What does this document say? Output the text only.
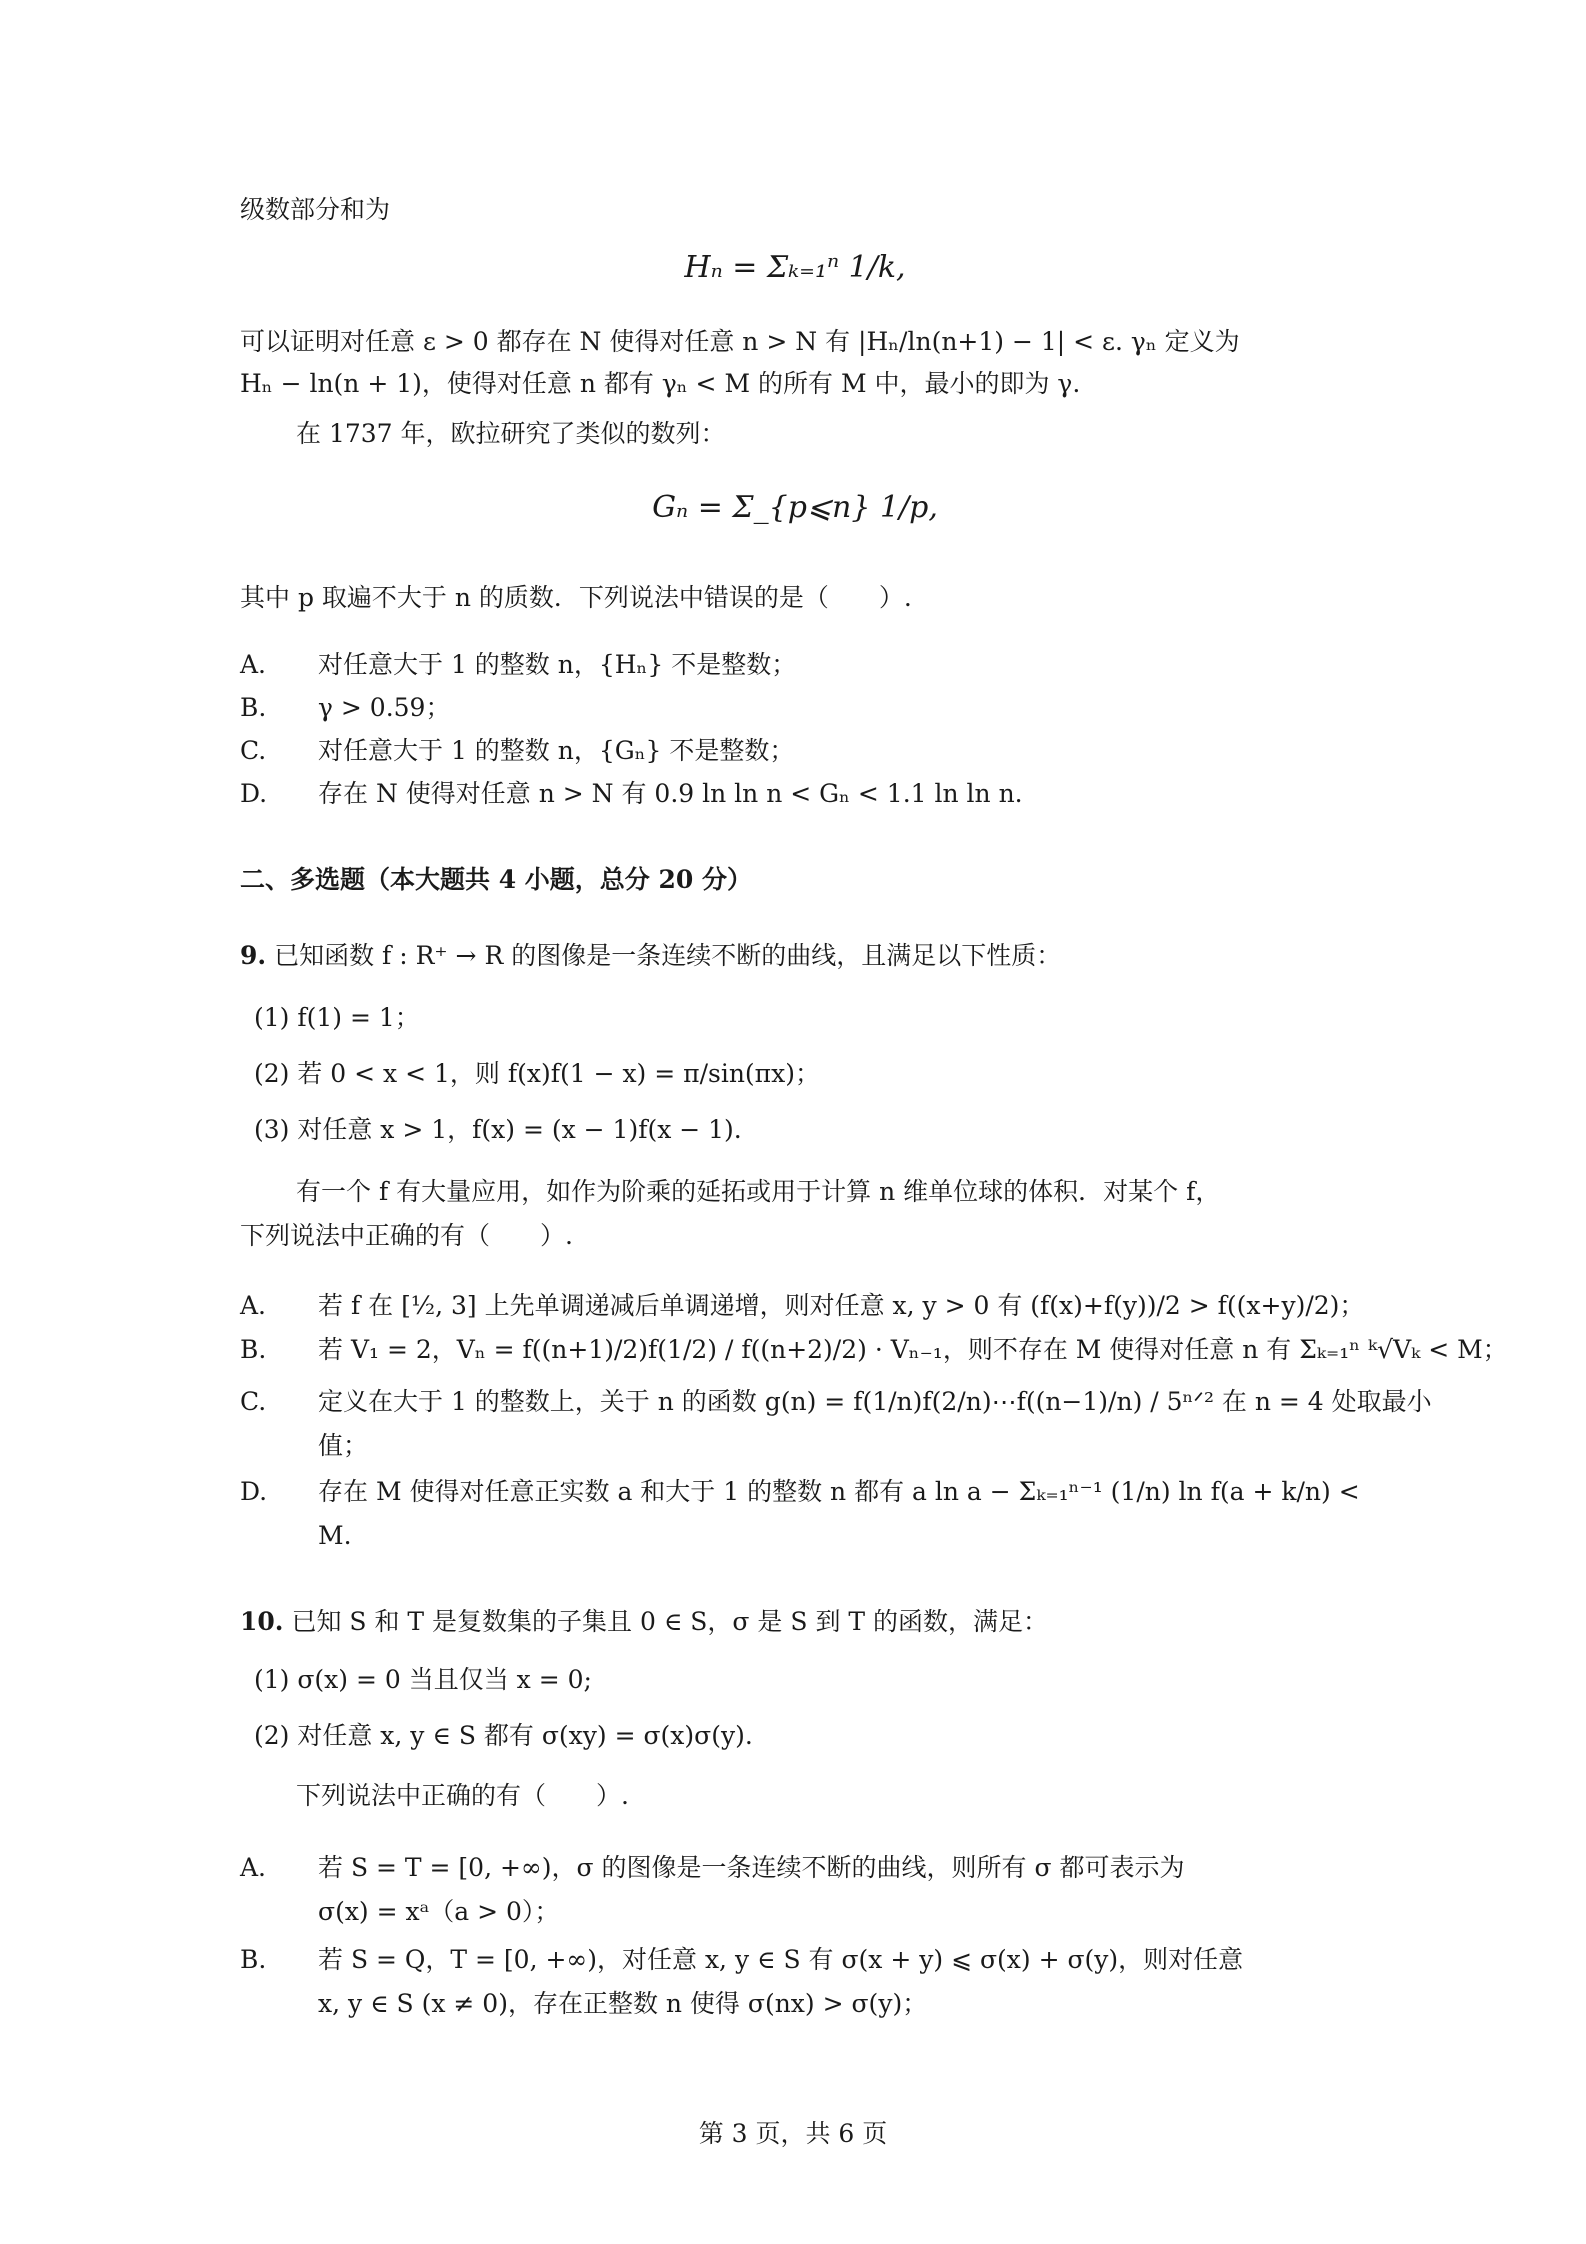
级数部分和为
Hₙ = Σₖ₌₁ⁿ 1/k,
可以证明对任意 ε > 0 都存在 N 使得对任意 n > N 有 |Hₙ/ln(n+1) − 1| < ε. γₙ 定义为
Hₙ − ln(n + 1)，使得对任意 n 都有 γₙ < M 的所有 M 中，最小的即为 γ.
在 1737 年，欧拉研究了类似的数列：
Gₙ = Σ_{p⩽n} 1/p,
其中 p 取遍不大于 n 的质数．下列说法中错误的是（　　）.
A. 对任意大于 1 的整数 n，{Hₙ} 不是整数；
B. γ > 0.59；
C. 对任意大于 1 的整数 n，{Gₙ} 不是整数；
D. 存在 N 使得对任意 n > N 有 0.9 ln ln n < Gₙ < 1.1 ln ln n.
二、多选题（本大题共 4 小题，总分 20 分）
9. 已知函数 f : R⁺ → R 的图像是一条连续不断的曲线，且满足以下性质：
(1) f(1) = 1；
(2) 若 0 < x < 1，则 f(x)f(1 − x) = π/sin(πx)；
(3) 对任意 x > 1，f(x) = (x − 1)f(x − 1).
有一个 f 有大量应用，如作为阶乘的延拓或用于计算 n 维单位球的体积．对某个 f，
下列说法中正确的有（　　）.
A. 若 f 在 [½, 3] 上先单调递减后单调递增，则对任意 x, y > 0 有 (f(x)+f(y))/2 > f((x+y)/2)；
B. 若 V₁ = 2，Vₙ = f((n+1)/2)f(1/2) / f((n+2)/2) · Vₙ₋₁，则不存在 M 使得对任意 n 有 Σₖ₌₁ⁿ ᵏ√Vₖ < M；
C. 定义在大于 1 的整数上，关于 n 的函数 g(n) = f(1/n)f(2/n)⋯f((n−1)/n) / 5ⁿᐟ² 在 n = 4 处取最小
值；
D. 存在 M 使得对任意正实数 a 和大于 1 的整数 n 都有 a ln a − Σₖ₌₁ⁿ⁻¹ (1/n) ln f(a + k/n) <
M.
10. 已知 S 和 T 是复数集的子集且 0 ∈ S，σ 是 S 到 T 的函数，满足：
(1) σ(x) = 0 当且仅当 x = 0;
(2) 对任意 x, y ∈ S 都有 σ(xy) = σ(x)σ(y).
下列说法中正确的有（　　）.
A. 若 S = T = [0, +∞)，σ 的图像是一条连续不断的曲线，则所有 σ 都可表示为
σ(x) = xᵃ（a > 0）；
B. 若 S = Q，T = [0, +∞)，对任意 x, y ∈ S 有 σ(x + y) ⩽ σ(x) + σ(y)，则对任意
x, y ∈ S (x ≠ 0)，存在正整数 n 使得 σ(nx) > σ(y)；
第 3 页，共 6 页
